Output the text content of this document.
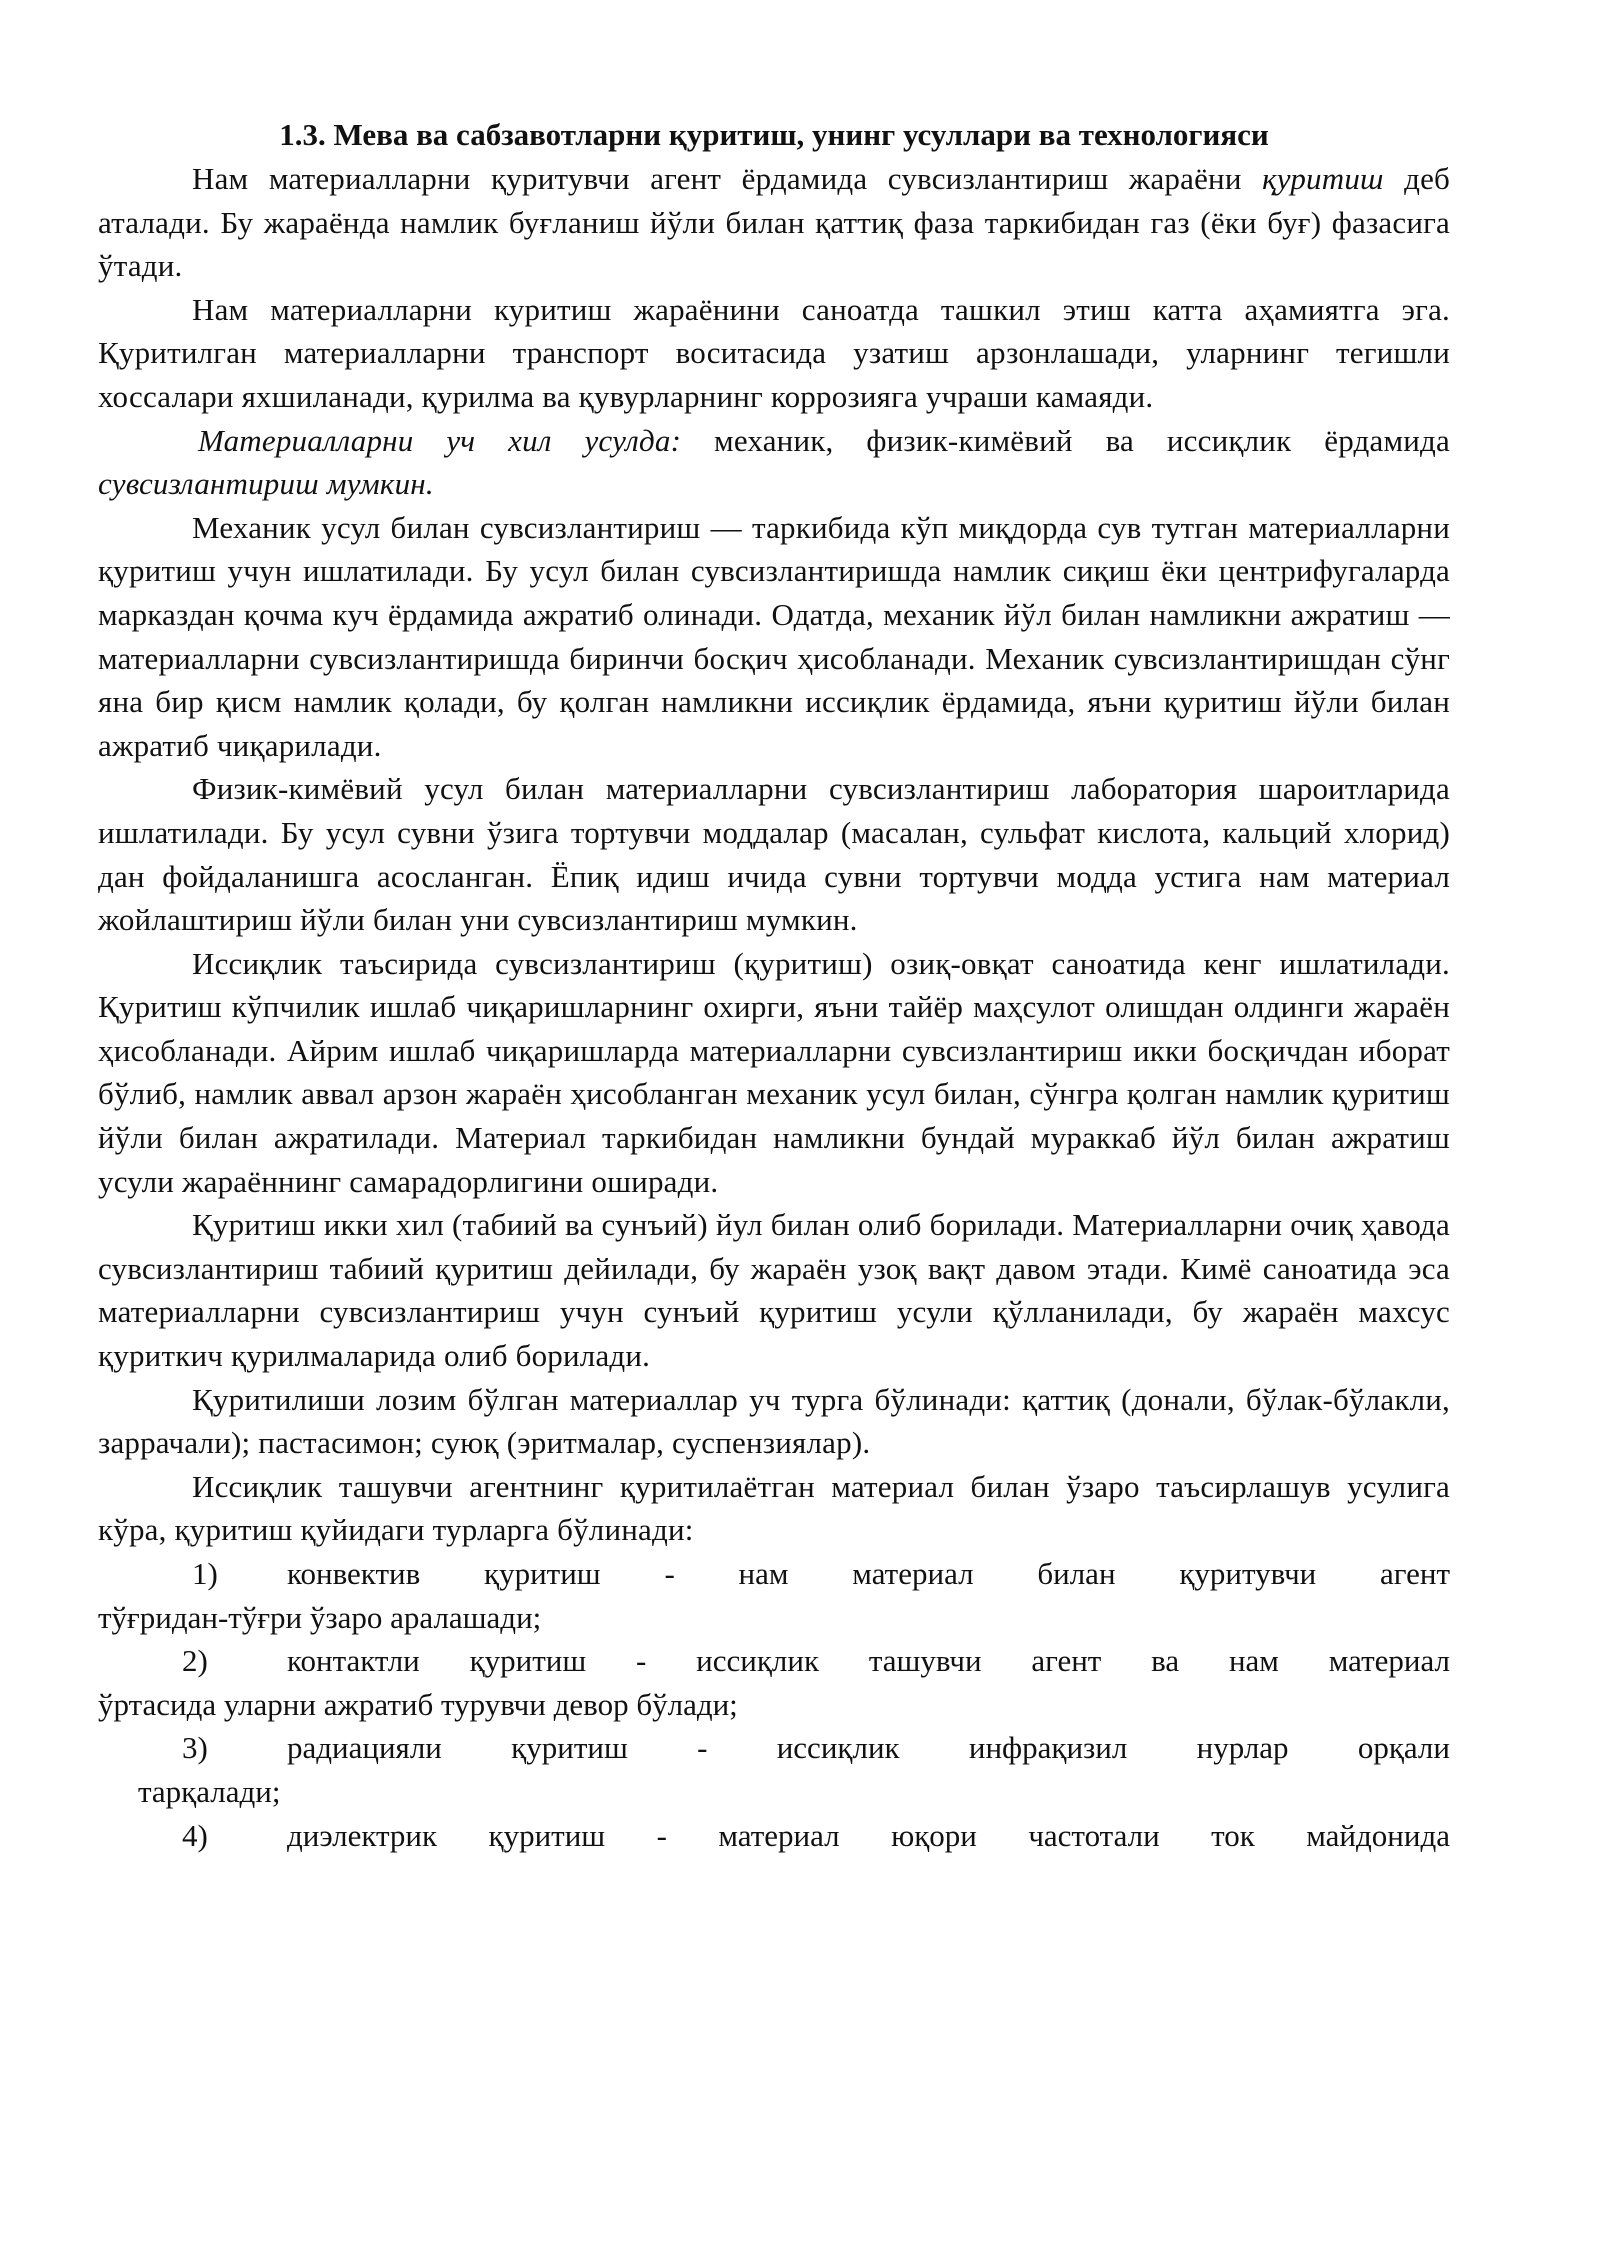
1.3. Мева ва сабзавотларни қуритиш, унинг усуллари ва технологияси

Нам материалларни қуритувчи агент ёрдамида сувсизлантириш жараёни қуритиш деб аталади. Бу жараёнда намлик буғланиш йўли билан қаттиқ фаза таркибидан газ (ёки буғ) фазасига ўтади.

Нам материалларни куритиш жараёнини саноатда ташкил этиш катта аҳамиятга эга. Қуритилган материалларни транспорт воситасида узатиш арзонлашади, уларнинг тегишли хоссалари яхшиланади, қурилма ва қувурларнинг коррозияга учраши камаяди.

Материалларни уч хил усулда: механик, физик-кимёвий ва иссиқлик ёрдамида сувсизлантириш мумкин.

Механик усул билан сувсизлантириш — таркибида кўп миқдорда сув тутган материалларни қуритиш учун ишлатилади. Бу усул билан сувсизлантиришда намлик сиқиш ёки центрифугаларда марказдан қочма куч ёрдамида ажратиб олинади. Одатда, механик йўл билан намликни ажратиш — материалларни сувсизлантиришда биринчи босқич ҳисобланади. Механик сувсизлантиришдан сўнг яна бир қисм намлик қолади, бу қолган намликни иссиқлик ёрдамида, яъни қуритиш йўли билан ажратиб чиқарилади.

Физик-кимёвий усул билан материалларни сувсизлантириш лаборатория шароитларида ишлатилади. Бу усул сувни ўзига тортувчи моддалар (масалан, сульфат кислота, кальций хлорид) дан фойдаланишга асосланган. Ёпиқ идиш ичида сувни тортувчи модда устига нам материал жойлаштириш йўли билан уни сувсизлантириш мумкин.

Иссиқлик таъсирида сувсизлантириш (қуритиш) озиқ-овқат саноатида кенг ишлатилади. Қуритиш кўпчилик ишлаб чиқаришларнинг охирги, яъни тайёр маҳсулот олишдан олдинги жараён ҳисобланади. Айрим ишлаб чиқаришларда материалларни сувсизлантириш икки босқичдан иборат бўлиб, намлик аввал арзон жараён ҳисобланган механик усул билан, сўнгра қолган намлик қуритиш йўли билан ажратилади. Материал таркибидан намликни бундай мураккаб йўл билан ажратиш усули жараённинг самарадорлигини оширади.

Қуритиш икки хил (табиий ва сунъий) йул билан олиб борилади. Материалларни очиқ ҳавода сувсизлантириш табиий қуритиш дейилади, бу жараён узоқ вақт давом этади. Кимё саноатида эса материалларни сувсизлантириш учун сунъий қуритиш усули қўлланилади, бу жараён махсус қуриткич қурилмаларида олиб борилади.

Қуритилиши лозим бўлган материаллар уч турга бўлинади: қаттиқ (донали, бўлак-бўлакли, заррачали); пастасимон; суюқ (эритмалар, суспензиялар).

Иссиқлик ташувчи агентнинг қуритилаётган материал билан ўзаро таъсирлашув усулига кўра, қуритиш қуйидаги турларга бўлинади:

1)	конвектив қуритиш - нам материал билан қуритувчи агент
тўғридан-тўғри ўзаро аралашади;
2)	контактли қуритиш - иссиқлик ташувчи агент ва нам материал
ўртасида уларни ажратиб турувчи девор бўлади;
3)	радиацияли қуритиш - иссиқлик инфрақизил нурлар орқали
тарқалади;
4)	диэлектрик қуритиш - материал юқори частотали ток майдонида
